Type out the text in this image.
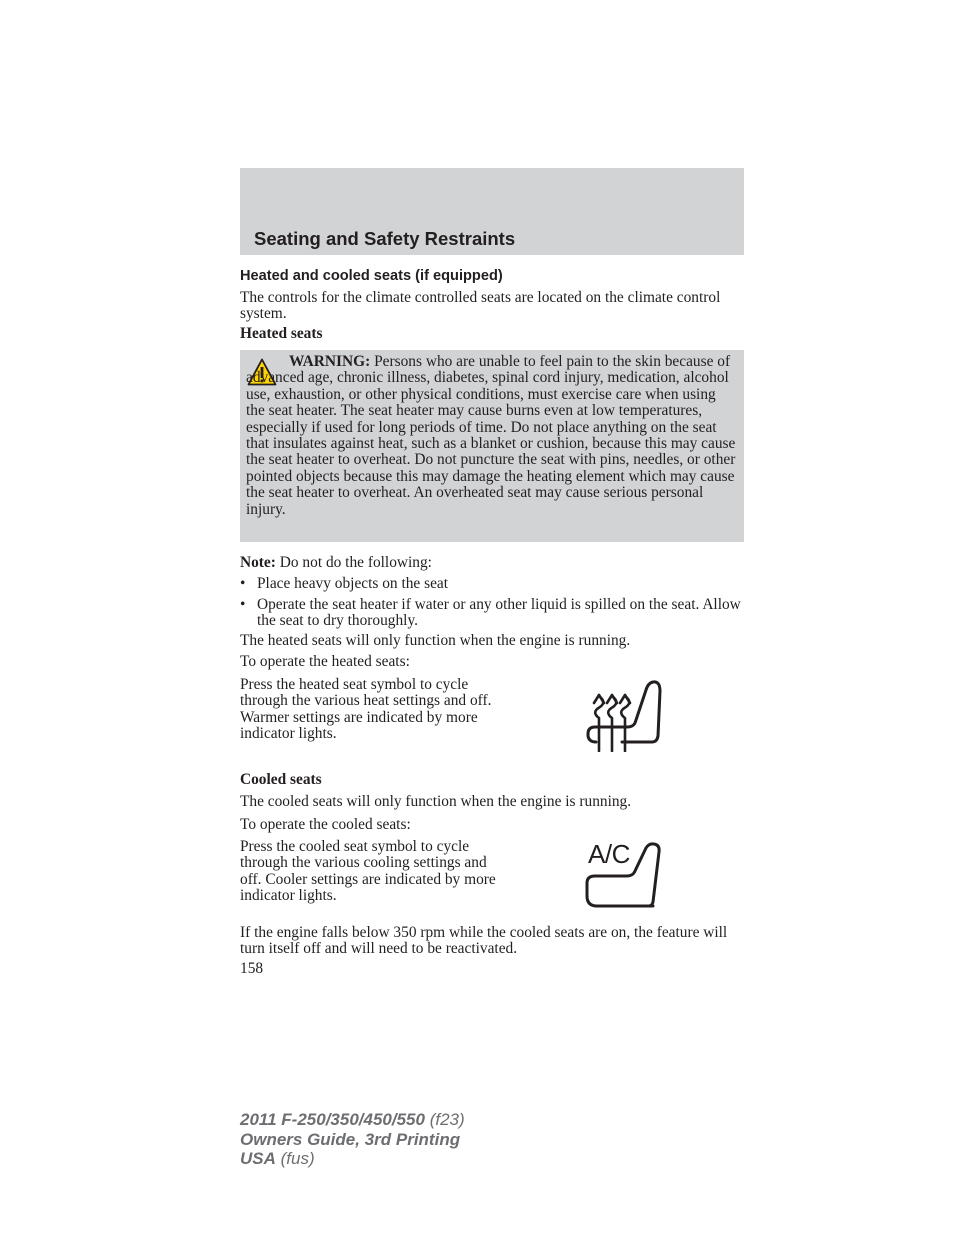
Seating and Safety Restraints
Heated and cooled seats (if equipped)
The controls for the climate controlled seats are located on the climate control system.
Heated seats
WARNING: Persons who are unable to feel pain to the skin because of advanced age, chronic illness, diabetes, spinal cord injury, medication, alcohol use, exhaustion, or other physical conditions, must exercise care when using the seat heater. The seat heater may cause burns even at low temperatures, especially if used for long periods of time. Do not place anything on the seat that insulates against heat, such as a blanket or cushion, because this may cause the seat heater to overheat. Do not puncture the seat with pins, needles, or other pointed objects because this may damage the heating element which may cause the seat heater to overheat. An overheated seat may cause serious personal injury.
Note: Do not do the following:
• Place heavy objects on the seat
• Operate the seat heater if water or any other liquid is spilled on the seat. Allow the seat to dry thoroughly.
The heated seats will only function when the engine is running.
To operate the heated seats:
Press the heated seat symbol to cycle through the various heat settings and off. Warmer settings are indicated by more indicator lights.
Cooled seats
The cooled seats will only function when the engine is running.
To operate the cooled seats:
Press the cooled seat symbol to cycle through the various cooling settings and off. Cooler settings are indicated by more indicator lights.
A/C
If the engine falls below 350 rpm while the cooled seats are on, the feature will turn itself off and will need to be reactivated.
158
2011 F-250/350/450/550 (f23)
Owners Guide, 3rd Printing
USA (fus)
